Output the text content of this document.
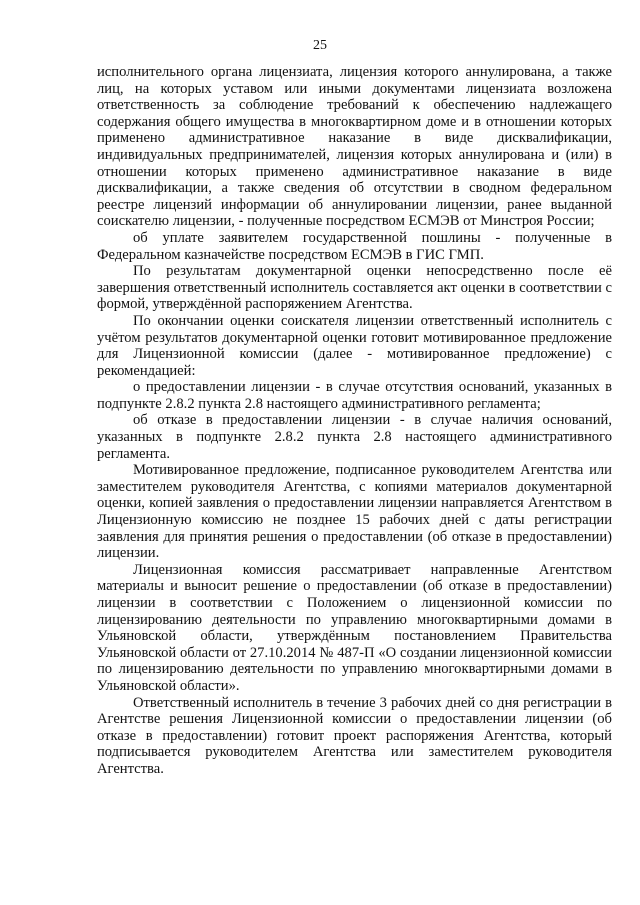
25

исполнительного органа лицензиата, лицензия которого аннулирована, а также лиц, на которых уставом или иными документами лицензиата возложена ответственность за соблюдение требований к обеспечению надлежащего содержания общего имущества в многоквартирном доме и в отношении которых применено административное наказание в виде дисквалификации, индивидуальных предпринимателей, лицензия которых аннулирована и (или) в отношении которых применено административное наказание в виде дисквалификации, а также сведения об отсутствии в сводном федеральном реестре лицензий информации об аннулировании лицензии, ранее выданной соискателю лицензии, - полученные посредством ЕСМЭВ от Минстроя России;

об уплате заявителем государственной пошлины - полученные в Федеральном казначействе посредством ЕСМЭВ в ГИС ГМП.

По результатам документарной оценки непосредственно после её завершения ответственный исполнитель составляется акт оценки в соответствии с формой, утверждённой распоряжением Агентства.

По окончании оценки соискателя лицензии ответственный исполнитель с учётом результатов документарной оценки готовит мотивированное предложение для Лицензионной комиссии (далее - мотивированное предложение) с рекомендацией:

о предоставлении лицензии - в случае отсутствия оснований, указанных в подпункте 2.8.2 пункта 2.8 настоящего административного регламента;

об отказе в предоставлении лицензии - в случае наличия оснований, указанных в подпункте 2.8.2 пункта 2.8 настоящего административного регламента.

Мотивированное предложение, подписанное руководителем Агентства или заместителем руководителя Агентства, с копиями материалов документарной оценки, копией заявления о предоставлении лицензии направляется Агентством в Лицензионную комиссию не позднее 15 рабочих дней с даты регистрации заявления для принятия решения о предоставлении (об отказе в предоставлении) лицензии.

Лицензионная комиссия рассматривает направленные Агентством материалы и выносит решение о предоставлении (об отказе в предоставлении) лицензии в соответствии с Положением о лицензионной комиссии по лицензированию деятельности по управлению многоквартирными домами в Ульяновской области, утверждённым постановлением Правительства Ульяновской области от 27.10.2014 № 487-П «О создании лицензионной комиссии по лицензированию деятельности по управлению многоквартирными домами в Ульяновской области».

Ответственный исполнитель в течение 3 рабочих дней со дня регистрации в Агентстве решения Лицензионной комиссии о предоставлении лицензии (об отказе в предоставлении) готовит проект распоряжения Агентства, который подписывается руководителем Агентства или заместителем руководителя Агентства.
